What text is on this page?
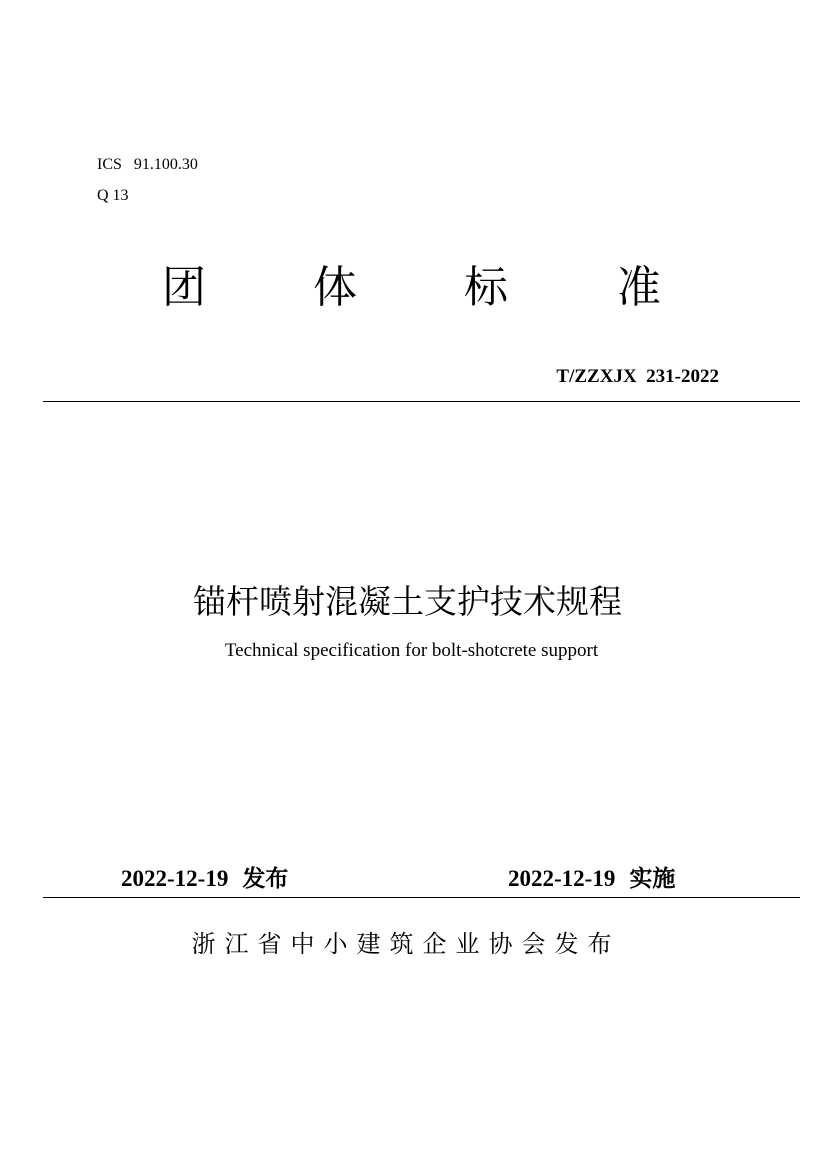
ICS   91.100.30
Q 13
团 体 标 准
T/ZZXJX  231-2022
锚杆喷射混凝土支护技术规程
Technical specification for bolt-shotcrete support
2022-12-19 发布	2022-12-19 实施
浙江省中小建筑企业协会发布
